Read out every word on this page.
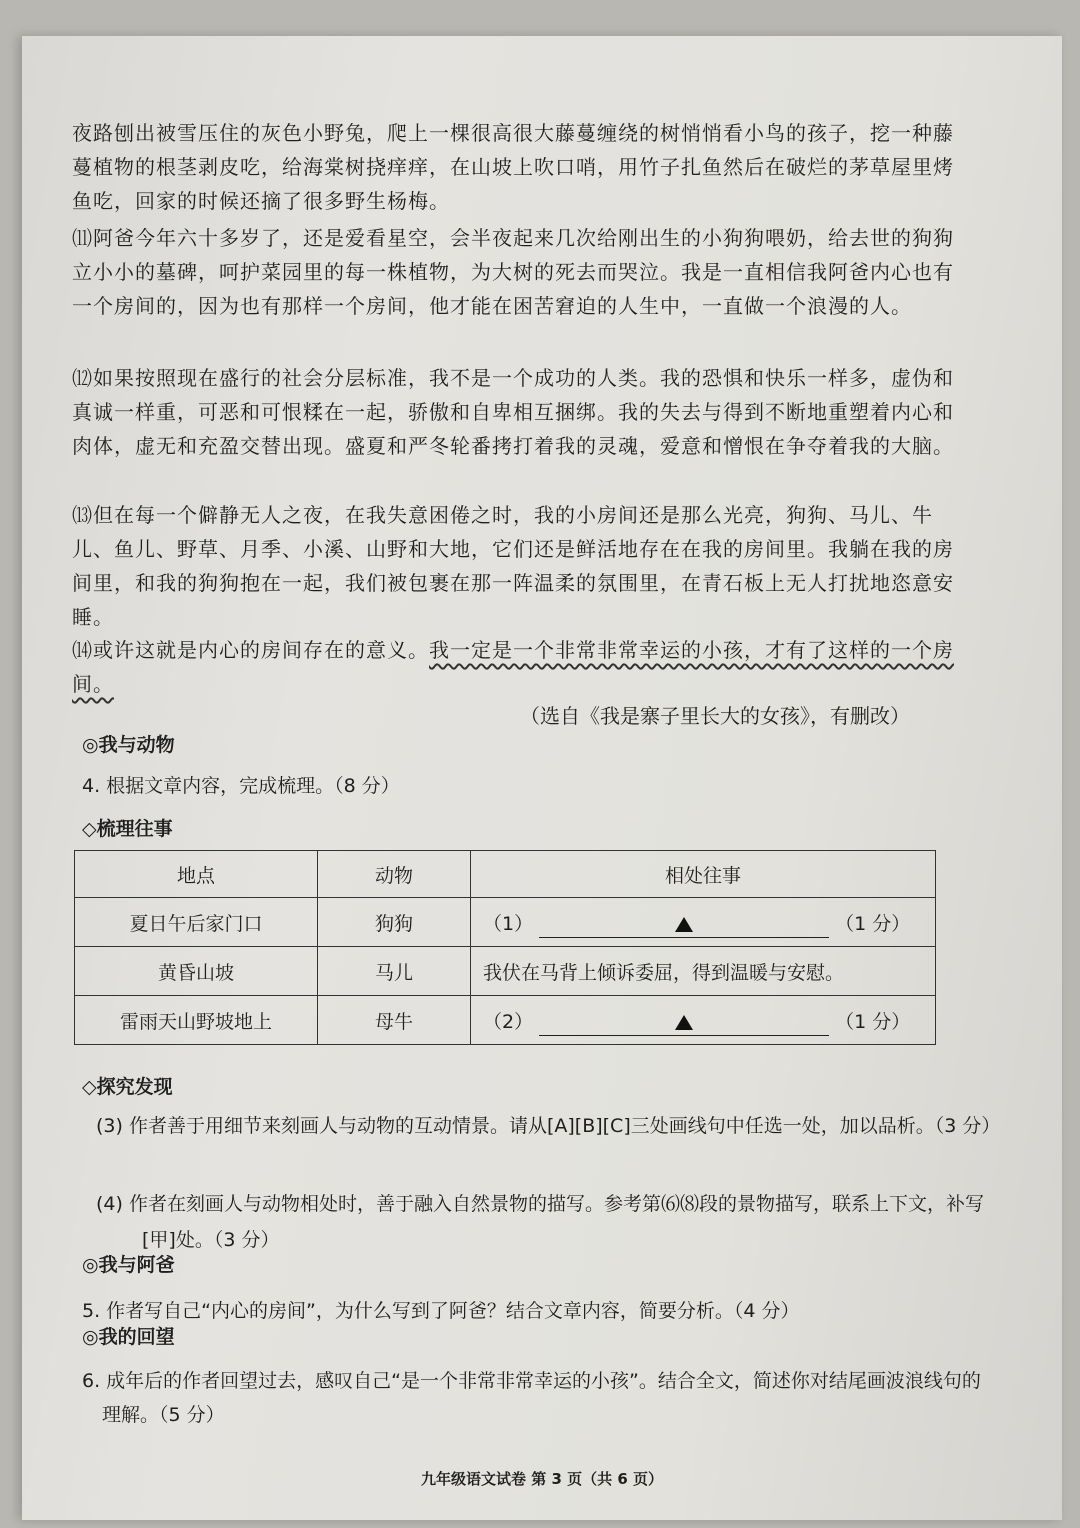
夜路刨出被雪压住的灰色小野兔，爬上一棵很高很大藤蔓缠绕的树悄悄看小鸟的孩子，挖一种藤蔓植物的根茎剥皮吃，给海棠树挠痒痒，在山坡上吹口哨，用竹子扎鱼然后在破烂的茅草屋里烤鱼吃，回家的时候还摘了很多野生杨梅。

⑾阿爸今年六十多岁了，还是爱看星空，会半夜起来几次给刚出生的小狗狗喂奶，给去世的狗狗立小小的墓碑，呵护菜园里的每一株植物，为大树的死去而哭泣。我是一直相信我阿爸内心也有一个房间的，因为也有那样一个房间，他才能在困苦窘迫的人生中，一直做一个浪漫的人。

⑿如果按照现在盛行的社会分层标准，我不是一个成功的人类。我的恐惧和快乐一样多，虚伪和真诚一样重，可恶和可恨糅在一起，骄傲和自卑相互捆绑。我的失去与得到不断地重塑着内心和肉体，虚无和充盈交替出现。盛夏和严冬轮番拷打着我的灵魂，爱意和憎恨在争夺着我的大脑。

⒀但在每一个僻静无人之夜，在我失意困倦之时，我的小房间还是那么光亮，狗狗、马儿、牛儿、鱼儿、野草、月季、小溪、山野和大地，它们还是鲜活地存在在我的房间里。我躺在我的房间里，和我的狗狗抱在一起，我们被包裹在那一阵温柔的氛围里，在青石板上无人打扰地恣意安睡。

⒁或许这就是内心的房间存在的意义。我一定是一个非常非常幸运的小孩，才有了这样的一个房间。

（选自《我是寨子里长大的女孩》，有删改）
◎我与动物
4. 根据文章内容，完成梳理。（8 分）
◇梳理往事
地点	动物	相处往事
夏日午后家门口	狗狗	（1） （1 分）
黄昏山坡	马儿	我伏在马背上倾诉委屈，得到温暖与安慰。
雷雨天山野坡地上	母牛	（2） （1 分）
◇探究发现
(3) 作者善于用细节来刻画人与动物的互动情景。请从[A][B][C]三处画线句中任选一处，加以品析。（3 分）
(4) 作者在刻画人与动物相处时，善于融入自然景物的描写。参考第⑹⑻段的景物描写，联系上下文，补写[甲]处。（3 分）
◎我与阿爸
5. 作者写自己“内心的房间”，为什么写到了阿爸？结合文章内容，简要分析。（4 分）
◎我的回望
6. 成年后的作者回望过去，感叹自己“是一个非常非常幸运的小孩”。结合全文，简述你对结尾画波浪线句的理解。（5 分）
九年级语文试卷 第 3 页（共 6 页）
